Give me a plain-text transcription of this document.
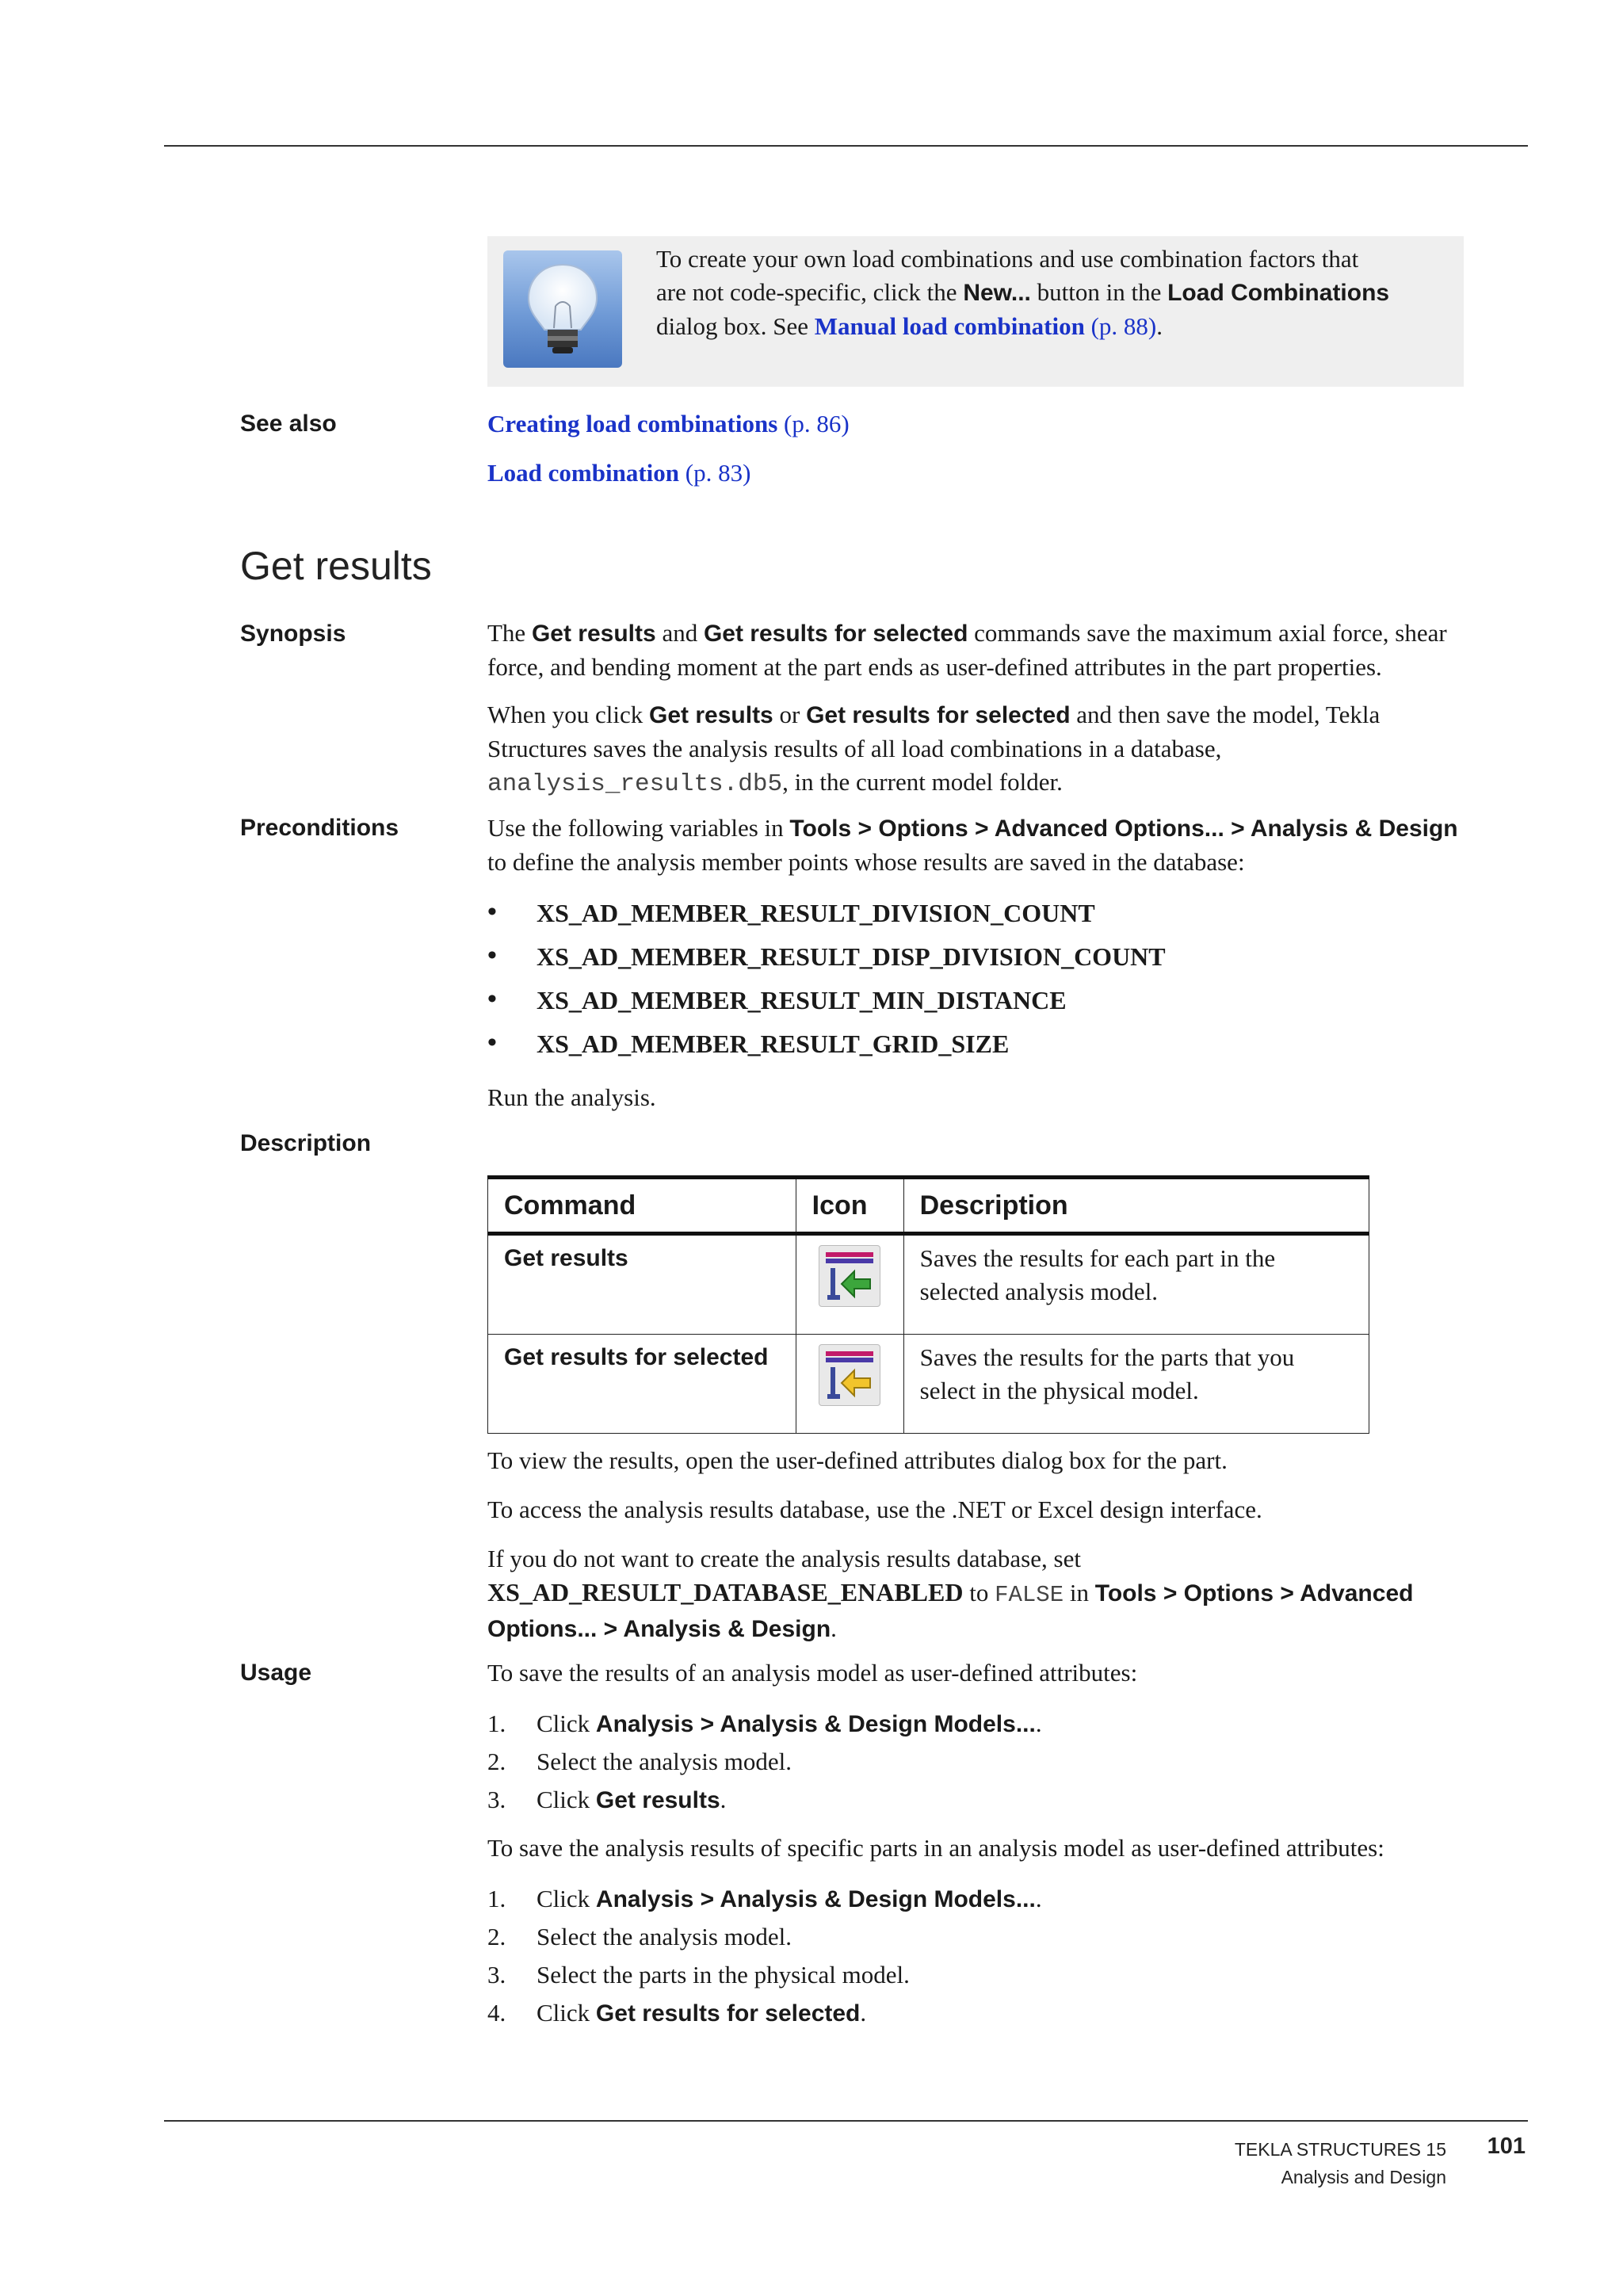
To create your own load combinations and use combination factors that
are not code-specific, click the New... button in the Load Combinations
dialog box. See Manual load combination (p. 88).
See also	Creating load combinations (p. 86)
Load combination (p. 83)
Get results
Synopsis	The Get results and Get results for selected commands save the maximum axial force, shear
force, and bending moment at the part ends as user-defined attributes in the part properties.
When you click Get results or Get results for selected and then save the model, Tekla
Structures saves the analysis results of all load combinations in a database,
analysis_results.db5, in the current model folder.
Preconditions	Use the following variables in Tools > Options > Advanced Options... > Analysis & Design
to define the analysis member points whose results are saved in the database:
• XS_AD_MEMBER_RESULT_DIVISION_COUNT
• XS_AD_MEMBER_RESULT_DISP_DIVISION_COUNT
• XS_AD_MEMBER_RESULT_MIN_DISTANCE
• XS_AD_MEMBER_RESULT_GRID_SIZE
Run the analysis.
Description
Command	Icon	Description
Get results		Saves the results for each part in the
selected analysis model.

Get results for selected		Saves the results for the parts that you
select in the physical model.
To view the results, open the user-defined attributes dialog box for the part.
To access the analysis results database, use the .NET or Excel design interface.
If you do not want to create the analysis results database, set
XS_AD_RESULT_DATABASE_ENABLED to FALSE in Tools > Options > Advanced
Options... > Analysis & Design.
Usage	To save the results of an analysis model as user-defined attributes:
1. Click Analysis > Analysis & Design Models....
2. Select the analysis model.
3. Click Get results.
To save the analysis results of specific parts in an analysis model as user-defined attributes:
1. Click Analysis > Analysis & Design Models....
2. Select the analysis model.
3. Select the parts in the physical model.
4. Click Get results for selected.
TEKLA STRUCTURES 15 101
Analysis and Design
